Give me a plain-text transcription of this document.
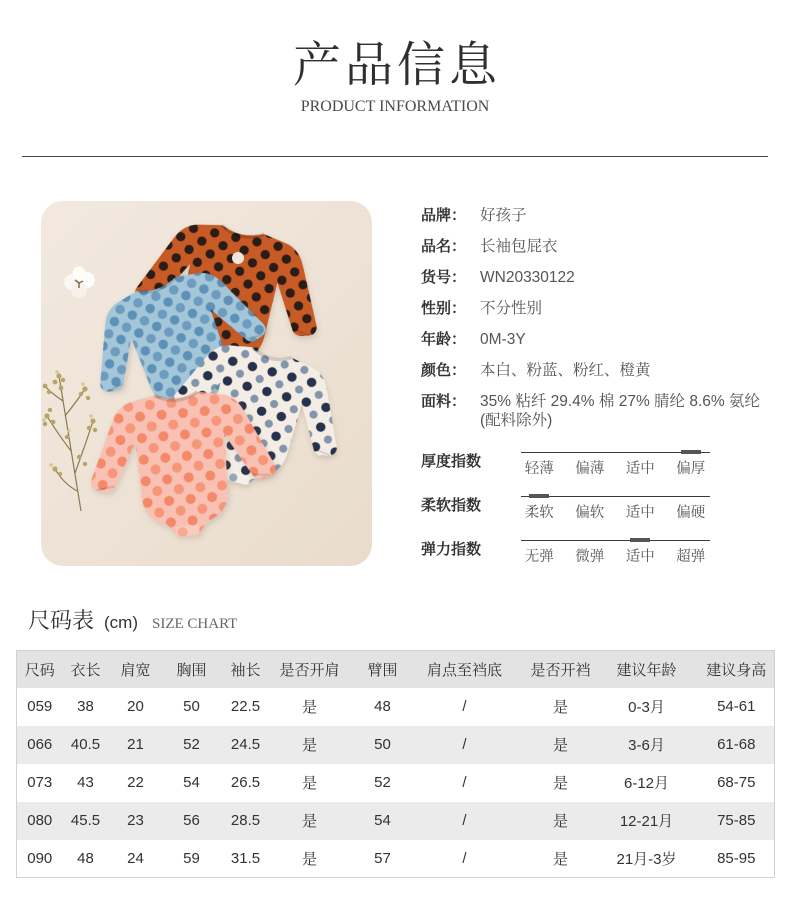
产品信息
PRODUCT INFORMATION
品牌： 好孩子
品名： 长袖包屁衣
货号： WN20330122
性别： 不分性别
年龄： 0M-3Y
颜色： 本白、粉蓝、粉红、橙黄
面料： 35% 粘纤 29.4% 棉 27% 腈纶 8.6% 氨纶
(配料除外)
厚度指数	轻薄	偏薄	适中	偏厚
柔软指数	柔软	偏软	适中	偏硬
弹力指数	无弹	微弹	适中	超弹
尺码表 (cm) SIZE CHART
尺码	衣长	肩宽	胸围	袖长	是否开肩	臂围	肩点至裆底	是否开裆	建议年龄	建议身高
059	38	20	50	22.5	是	48	/	是	0-3月	54-61
066	40.5	21	52	24.5	是	50	/	是	3-6月	61-68
073	43	22	54	26.5	是	52	/	是	6-12月	68-75
080	45.5	23	56	28.5	是	54	/	是	12-21月	75-85
090	48	24	59	31.5	是	57	/	是	21月-3岁	85-95
